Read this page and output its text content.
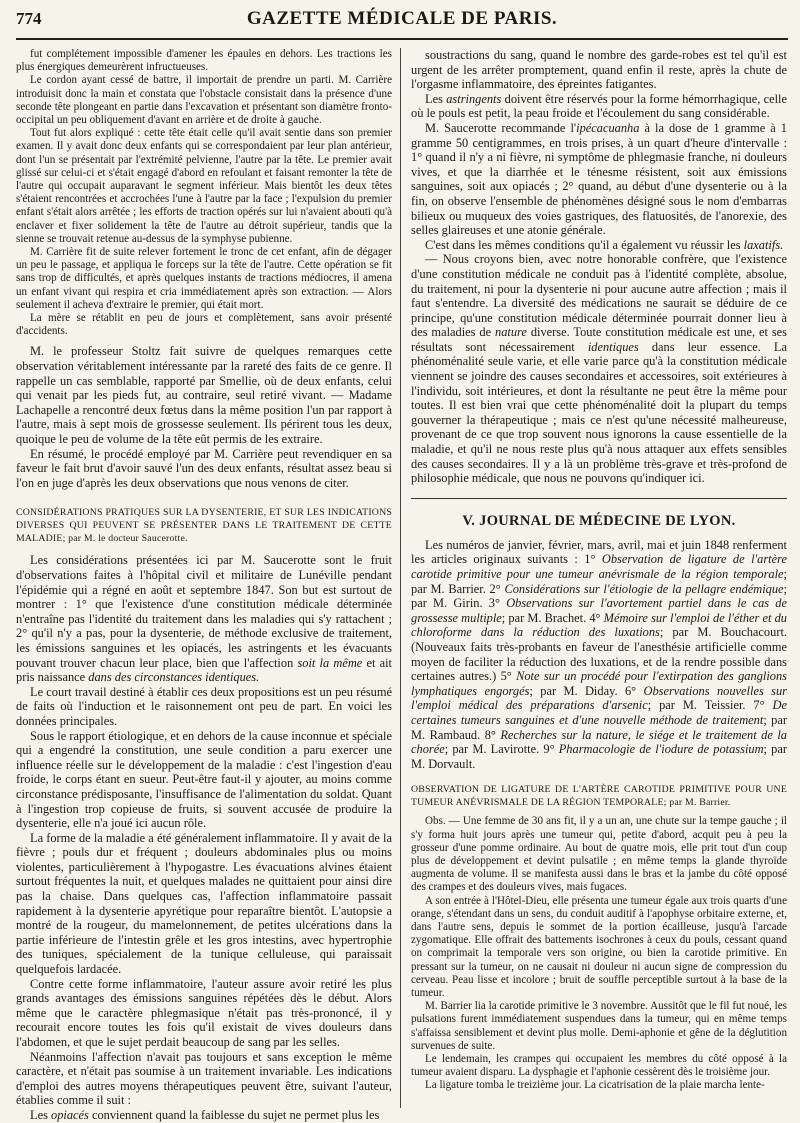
774	GAZETTE MÉDICALE DE PARIS.

fut complétement impossible d'amener les épaules en dehors. Les tractions les plus énergiques demeurèrent infructueuses.

Le cordon ayant cessé de battre, il importait de prendre un parti. M. Carrière introduisit donc la main et constata que l'obstacle consistait dans la présence d'une seconde tête plongeant en partie dans l'excavation et présentant son diamètre fronto-occipital un peu obliquement d'avant en arrière et de droite à gauche.

Tout fut alors expliqué : cette tête était celle qu'il avait sentie dans son premier examen. Il y avait donc deux enfants qui se correspondaient par leur plan antérieur, dont l'un se présentait par l'extrémité pelvienne, l'autre par la tête. Le premier avait glissé sur celui-ci et s'était engagé d'abord en refoulant et faisant remonter la tête de l'autre qui occupait auparavant le segment inférieur. Mais bientôt les deux têtes s'étaient rencontrées et accrochées l'une à l'autre par la face ; l'expulsion du premier enfant s'était alors arrêtée ; les efforts de traction opérés sur lui n'avaient abouti qu'à enclaver et fixer solidement la tête de l'autre au détroit supérieur, tandis que la sienne se trouvait retenue au-dessus de la symphyse pubienne.

M. Carrière fit de suite relever fortement le tronc de cet enfant, afin de dégager un peu le passage, et appliqua le forceps sur la tête de l'autre. Cette opération se fit sans trop de difficultés, et après quelques instants de tractions médiocres, il amena un enfant vivant qui respira et cria immédiatement après son extraction. — Alors seulement il acheva d'extraire le premier, qui était mort.

La mère se rétablit en peu de jours et complètement, sans avoir présenté d'accidents.

M. le professeur Stoltz fait suivre de quelques remarques cette observation véritablement intéressante par la rareté des faits de ce genre. Il rappelle un cas semblable, rapporté par Smellie, où de deux enfants, celui qui venait par les pieds fut, au contraire, seul retiré vivant. — Madame Lachapelle a rencontré deux fœtus dans la même position l'un par rapport à l'autre, mais à sept mois de grossesse seulement. Ils périrent tous les deux, quoique le peu de volume de la tête eût permis de les extraire.

En résumé, le procédé employé par M. Carrière peut revendiquer en sa faveur le fait brut d'avoir sauvé l'un des deux enfants, résultat assez beau si l'on en juge d'après les deux observations que nous venons de citer.

CONSIDÉRATIONS PRATIQUES SUR LA DYSENTERIE, ET SUR LES INDICATIONS DIVERSES QUI PEUVENT SE PRÉSENTER DANS LE TRAITEMENT DE CETTE MALADIE; par M. le docteur Saucerotte.

Les considérations présentées ici par M. Saucerotte sont le fruit d'observations faites à l'hôpital civil et militaire de Lunéville pendant l'épidémie qui a régné en août et septembre 1847. Son but est surtout de montrer : 1° que l'existence d'une constitution médicale déterminée n'entraîne pas l'identité du traitement dans les maladies qui s'y rattachent ; 2° qu'il n'y a pas, pour la dysenterie, de méthode exclusive de traitement, les émissions sanguines et les opiacés, les astringents et les évacuants pouvant trouver chacun leur place, bien que l'affection soit la même et ait pris naissance dans des circonstances identiques.

Le court travail destiné à établir ces deux propositions est un peu résumé de faits où l'induction et le raisonnement ont peu de part. En voici les données principales.

Sous le rapport étiologique, et en dehors de la cause inconnue et spéciale qui a engendré la constitution, une seule condition a paru exercer une influence réelle sur le développement de la maladie : c'est l'ingestion d'eau froide, le corps étant en sueur. Peut-être faut-il y ajouter, au moins comme circonstance prédisposante, l'insuffisance de l'alimentation du soldat. Quant à l'ingestion trop copieuse de fruits, si souvent accusée de produire la dysenterie, elle n'a joué ici aucun rôle.

La forme de la maladie a été généralement inflammatoire. Il y avait de la fièvre ; pouls dur et fréquent ; douleurs abdominales plus ou moins violentes, particulièrement à l'hypogastre. Les évacuations alvines étaient surtout fréquentes la nuit, et quelques malades ne quittaient pour ainsi dire pas la chaise. Dans quelques cas, l'affection inflammatoire passait rapidement à la dysenterie apyrétique pour reparaître bientôt. L'autopsie a montré de la rougeur, du mamelonnement, de petites ulcérations dans la partie inférieure de l'intestin grêle et les gros intestins, avec hypertrophie des tuniques, spécialement de la tunique celluleuse, qui paraissait quelquefois lardacée.

Contre cette forme inflammatoire, l'auteur assure avoir retiré les plus grands avantages des émissions sanguines répétées dès le début. Alors même que le caractère phlegmasique n'était pas très-prononcé, il y recourait encore toutes les fois qu'il existait de vives douleurs dans l'abdomen, et que le sujet perdait beaucoup de sang par les selles.

Néanmoins l'affection n'avait pas toujours et sans exception le même caractère, et n'était pas soumise à un traitement invariable. Les indications d'emploi des autres moyens thérapeutiques peuvent être, suivant l'auteur, établies comme il suit :

Les opiacés conviennent quand la faiblesse du sujet ne permet plus les

soustractions du sang, quand le nombre des garde-robes est tel qu'il est urgent de les arrêter promptement, quand enfin il reste, après la chute de l'orgasme inflammatoire, des épreintes fatigantes.

Les astringents doivent être réservés pour la forme hémorrhagique, celle où le pouls est petit, la peau froide et l'écoulement du sang considérable.

M. Saucerotte recommande l'ipécacuanha à la dose de 1 gramme à 1 gramme 50 centigrammes, en trois prises, à un quart d'heure d'intervalle : 1° quand il n'y a ni fièvre, ni symptôme de phlegmasie franche, ni douleurs vives, et que la diarrhée et le ténesme résistent, soit aux émissions sanguines, soit aux opiacés ; 2° quand, au début d'une dysenterie ou à la fin, on observe l'ensemble de phénomènes désigné sous le nom d'embarras bilieux ou muqueux des voies gastriques, des flatuosités, de l'anorexie, des selles glaireuses et une atonie générale.

C'est dans les mêmes conditions qu'il a également vu réussir les laxatifs.

— Nous croyons bien, avec notre honorable confrère, que l'existence d'une constitution médicale ne conduit pas à l'identité complète, absolue, du traitement, ni pour la dysenterie ni pour aucune autre affection ; mais il faut s'entendre. La diversité des médications ne saurait se déduire de ce principe, qu'une constitution médicale déterminée pourrait donner lieu à des maladies de nature diverse. Toute constitution médicale est une, et ses résultats sont nécessairement identiques dans leur essence. La phénoménalité seule varie, et elle varie parce qu'à la constitution médicale viennent se joindre des causes secondaires et accessoires, soit extérieures à l'individu, soit intérieures, et dont la résultante ne peut être la même pour toutes. Il est bien vrai que cette phénoménalité doit la plupart du temps gouverner la thérapeutique ; mais ce n'est qu'une nécessité malheureuse, provenant de ce que trop souvent nous ignorons la cause essentielle de la maladie, et qu'il ne nous reste plus qu'à nous attaquer aux effets sensibles des causes secondaires. Il y a là un problème très-grave et très-profond de philosophie médicale, que nous ne pouvons qu'indiquer ici.

V. JOURNAL DE MÉDECINE DE LYON.

Les numéros de janvier, février, mars, avril, mai et juin 1848 renferment les articles originaux suivants : 1° Observation de ligature de l'artère carotide primitive pour une tumeur anévrismale de la région temporale; par M. Barrier. 2° Considérations sur l'étiologie de la pellagre endémique; par M. Girin. 3° Observations sur l'avortement partiel dans le cas de grossesse multiple; par M. Brachet. 4° Mémoire sur l'emploi de l'éther et du chloroforme dans la réduction des luxations; par M. Bouchacourt. (Nouveaux faits très-probants en faveur de l'anesthésie artificielle comme moyen de faciliter la réduction des luxations, et de la rendre possible dans certaines autres.) 5° Note sur un procédé pour l'extirpation des ganglions lymphatiques engorgés; par M. Diday. 6° Observations nouvelles sur l'emploi médical des préparations d'arsenic; par M. Teissier. 7° De certaines tumeurs sanguines et d'une nouvelle méthode de traitement; par M. Rambaud. 8° Recherches sur la nature, le siége et le traitement de la chorée; par M. Lavirotte. 9° Pharmacologie de l'iodure de potassium; par M. Dorvault.

OBSERVATION DE LIGATURE DE L'ARTÈRE CAROTIDE PRIMITIVE POUR UNE TUMEUR ANÉVRISMALE DE LA RÉGION TEMPORALE; par M. Barrier.

Obs. — Une femme de 30 ans fit, il y a un an, une chute sur la tempe gauche ; il s'y forma huit jours après une tumeur qui, petite d'abord, acquit peu à peu la grosseur d'une pomme ordinaire. Au bout de quatre mois, elle prit tout d'un coup plus de développement et devint pulsatile ; en même temps la glande thyroïde augmenta de volume. Il se manifesta aussi dans le bras et la jambe du côté opposé des crampes et des douleurs vives, mais fugaces.

A son entrée à l'Hôtel-Dieu, elle présenta une tumeur égale aux trois quarts d'une orange, s'étendant dans un sens, du conduit auditif à l'apophyse orbitaire externe, et, dans l'autre sens, depuis le sommet de la portion écailleuse, jusqu'à l'arcade zygomatique. Elle offrait des battements isochrones à ceux du pouls, cessant quand on comprimait la temporale vers son origine, ou bien la carotide primitive. En pressant sur la tumeur, on ne causait ni douleur ni aucun signe de compression du cerveau. Peau lisse et incolore ; bruit de souffle perceptible surtout à la base de la tumeur.

M. Barrier lia la carotide primitive le 3 novembre. Aussitôt que le fil fut noué, les pulsations furent immédiatement suspendues dans la tumeur, qui en même temps s'affaissa sensiblement et devint plus molle. Demi-aphonie et gêne de la déglutition survenues de suite.

Le lendemain, les crampes qui occupaient les membres du côté opposé à la tumeur avaient disparu. La dysphagie et l'aphonie cessèrent dès le troisième jour.

La ligature tomba le treizième jour. La cicatrisation de la plaie marcha lente-
